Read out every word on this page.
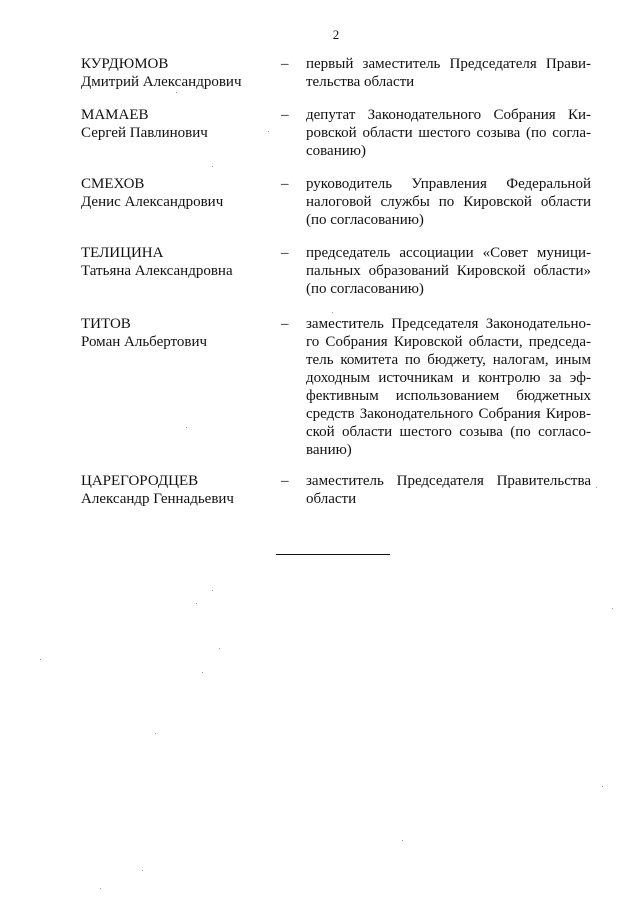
2
КУРДЮМОВ
Дмитрий Александрович
– первый заместитель Председателя Прави-
тельства области
МАМАЕВ
Сергей Павлинович
– депутат Законодательного Собрания Ки-
ровской области шестого созыва (по согла-
сованию)
СМЕХОВ
Денис Александрович
– руководитель Управления Федеральной
налоговой службы по Кировской области
(по согласованию)
ТЕЛИЦИНА
Татьяна Александровна
– председатель ассоциации «Совет муници-
пальных образований Кировской области»
(по согласованию)
ТИТОВ
Роман Альбертович
– заместитель Председателя Законодательно-
го Собрания Кировской области, председа-
тель комитета по бюджету, налогам, иным
доходным источникам и контролю за эф-
фективным использованием бюджетных
средств Законодательного Собрания Киров-
ской области шестого созыва (по согласо-
ванию)
ЦАРЕГОРОДЦЕВ
Александр Геннадьевич
– заместитель Председателя Правительства
области
